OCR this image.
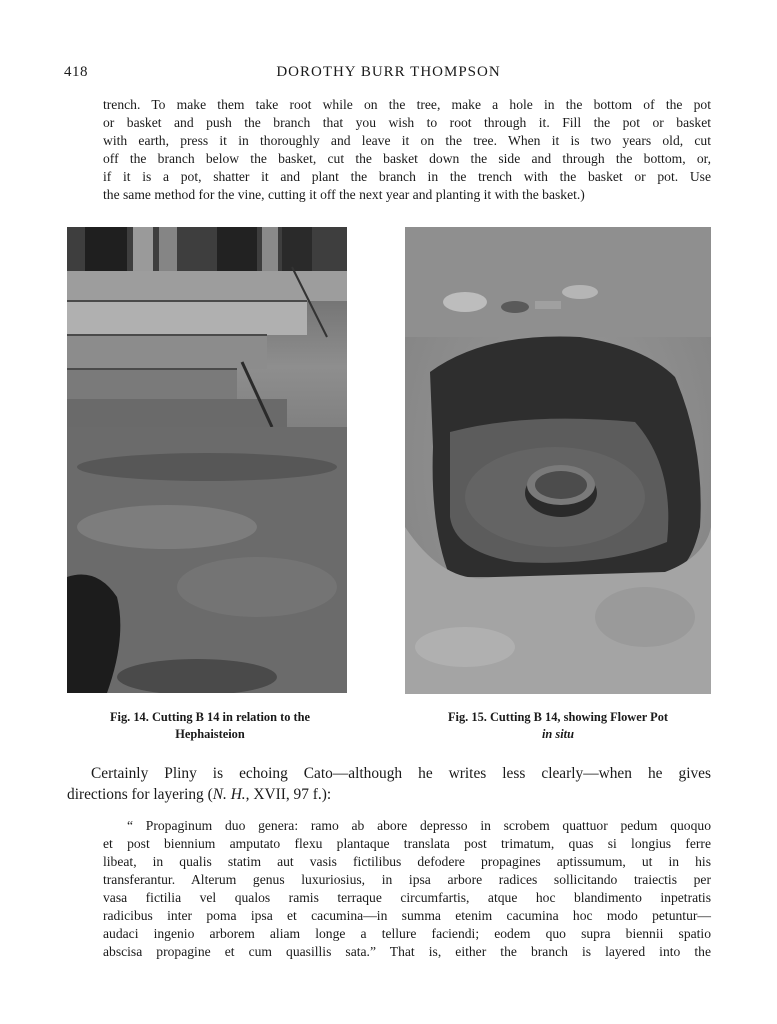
418	DOROTHY BURR THOMPSON
trench. To make them take root while on the tree, make a hole in the bottom of the pot
or basket and push the branch that you wish to root through it. Fill the pot or basket
with earth, press it in thoroughly and leave it on the tree. When it is two years old, cut
off the branch below the basket, cut the basket down the side and through the bottom, or,
if it is a pot, shatter it and plant the branch in the trench with the basket or pot. Use
the same method for the vine, cutting it off the next year and planting it with the basket.)
Fig. 14. Cutting B 14 in relation to the
Hephaisteion
Fig. 15. Cutting B 14, showing Flower Pot
in situ
Certainly Pliny is echoing Cato—although he writes less clearly—when he gives
directions for layering (N. H., XVII, 97 f.):
“ Propaginum duo genera: ramo ab abore depresso in scrobem quattuor pedum quoquo
et post biennium amputato flexu plantaque translata post trimatum, quas si longius ferre
libeat, in qualis statim aut vasis fictilibus defodere propagines aptissumum, ut in his
transferantur. Alterum genus luxuriosius, in ipsa arbore radices sollicitando traiectis per
vasa fictilia vel qualos ramis terraque circumfartis, atque hoc blandimento inpetratis
radicibus inter poma ipsa et cacumina—in summa etenim cacumina hoc modo petuntur—
audaci ingenio arborem aliam longe a tellure faciendi; eodem quo supra biennii spatio
abscisa propagine et cum quasillis sata.” That is, either the branch is layered into the
